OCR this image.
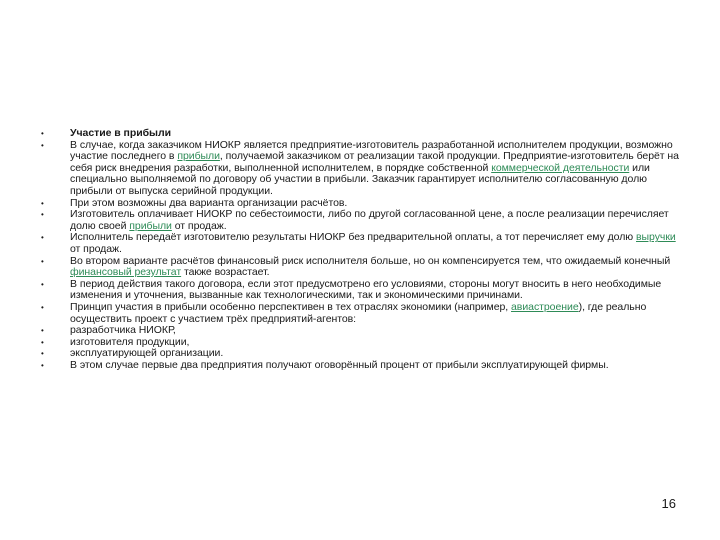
• Участие в прибыли
• В случае, когда заказчиком НИОКР является предприятие-изготовитель разработанной исполнителем продукции, возможно участие последнего в прибыли, получаемой заказчиком от реализации такой продукции. Предприятие-изготовитель берёт на себя риск внедрения разработки, выполненной исполнителем, в порядке собственной коммерческой деятельности или специально выполняемой по договору об участии в прибыли. Заказчик гарантирует исполнителю согласованную долю прибыли от выпуска серийной продукции.
• При этом возможны два варианта организации расчётов.
• Изготовитель оплачивает НИОКР по себестоимости, либо по другой согласованной цене, а после реализации перечисляет долю своей прибыли от продаж.
• Исполнитель передаёт изготовителю результаты НИОКР без предварительной оплаты, а тот перечисляет ему долю выручки от продаж.
• Во втором варианте расчётов финансовый риск исполнителя больше, но он компенсируется тем, что ожидаемый конечный финансовый результат также возрастает.
• В период действия такого договора, если этот предусмотрено его условиями, стороны могут вносить в него необходимые изменения и уточнения, вызванные как технологическими, так и экономическими причинами.
• Принцип участия в прибыли особенно перспективен в тех отраслях экономики (например, авиастроение), где реально осуществить проект с участием трёх предприятий-агентов:
• разработчика НИОКР,
• изготовителя продукции,
• эксплуатирующей организации.
• В этом случае первые два предприятия получают оговорённый процент от прибыли эксплуатирующей фирмы.
16
